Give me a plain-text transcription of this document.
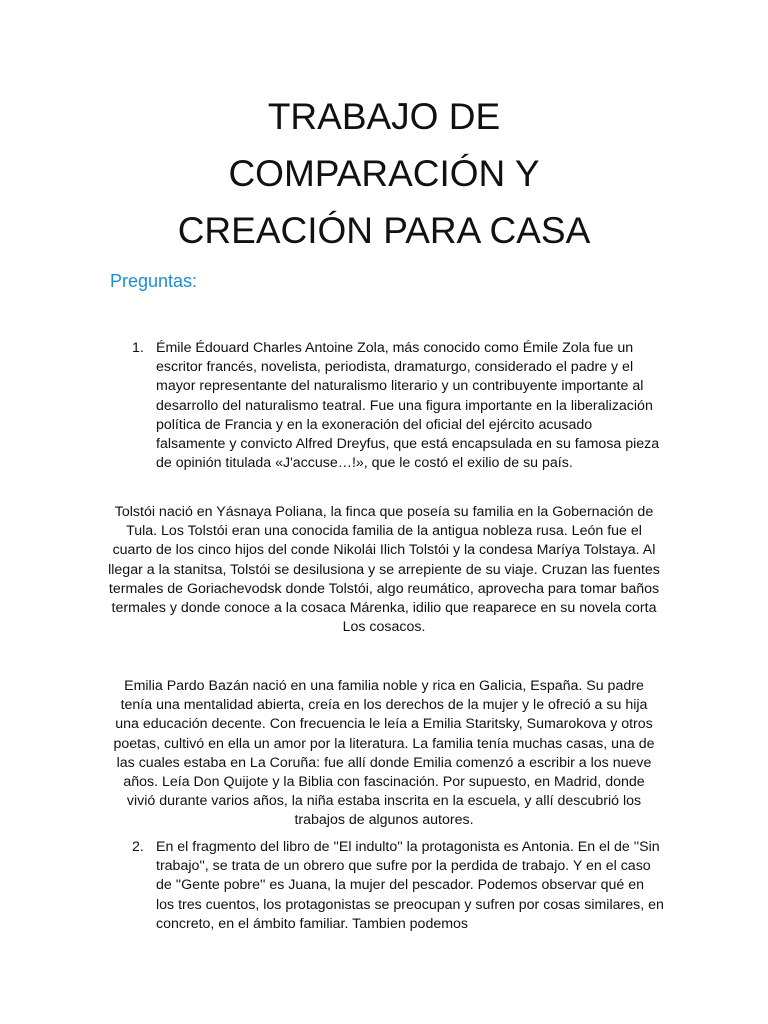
TRABAJO DE
COMPARACIÓN Y
CREACIÓN PARA CASA
Preguntas:
1. Émile Édouard Charles Antoine Zola, más conocido como Émile Zola fue un escritor francés, novelista, periodista, dramaturgo, considerado el padre y el mayor representante del naturalismo literario y un contribuyente importante al desarrollo del naturalismo teatral. Fue una figura importante en la liberalización política de Francia y en la exoneración del oficial del ejército acusado falsamente y convicto Alfred Dreyfus, que está encapsulada en su famosa pieza de opinión titulada «J'accuse…!», que le costó el exilio de su país.

Tolstói nació en Yásnaya Poliana, la finca que poseía su familia en la Gobernación de Tula. Los Tolstói eran una conocida familia de la antigua nobleza rusa. León fue el cuarto de los cinco hijos del conde Nikolái Ilich Tolstói y la condesa Maríya Tolstaya. Al llegar a la stanitsa, Tolstói se desilusiona y se arrepiente de su viaje. Cruzan las fuentes termales de Goriachevodsk donde Tolstói, algo reumático, aprovecha para tomar baños termales y donde conoce a la cosaca Márenka, idilio que reaparece en su novela corta Los cosacos.

Emilia Pardo Bazán nació en una familia noble y rica en Galicia, España. Su padre tenía una mentalidad abierta, creía en los derechos de la mujer y le ofreció a su hija una educación decente. Con frecuencia le leía a Emilia Staritsky, Sumarokova y otros poetas, cultivó en ella un amor por la literatura. La familia tenía muchas casas, una de las cuales estaba en La Coruña: fue allí donde Emilia comenzó a escribir a los nueve años. Leía Don Quijote y la Biblia con fascinación. Por supuesto, en Madrid, donde vivió durante varios años, la niña estaba inscrita en la escuela, y allí descubrió los trabajos de algunos autores.

2. En el fragmento del libro de ''El indulto'' la protagonista es Antonia. En el de ''Sin trabajo'', se trata de un obrero que sufre por la perdida de trabajo. Y en el caso de ''Gente pobre'' es Juana, la mujer del pescador. Podemos observar qué en los tres cuentos, los protagonistas se preocupan y sufren por cosas similares, en concreto, en el ámbito familiar. Tambien podemos
